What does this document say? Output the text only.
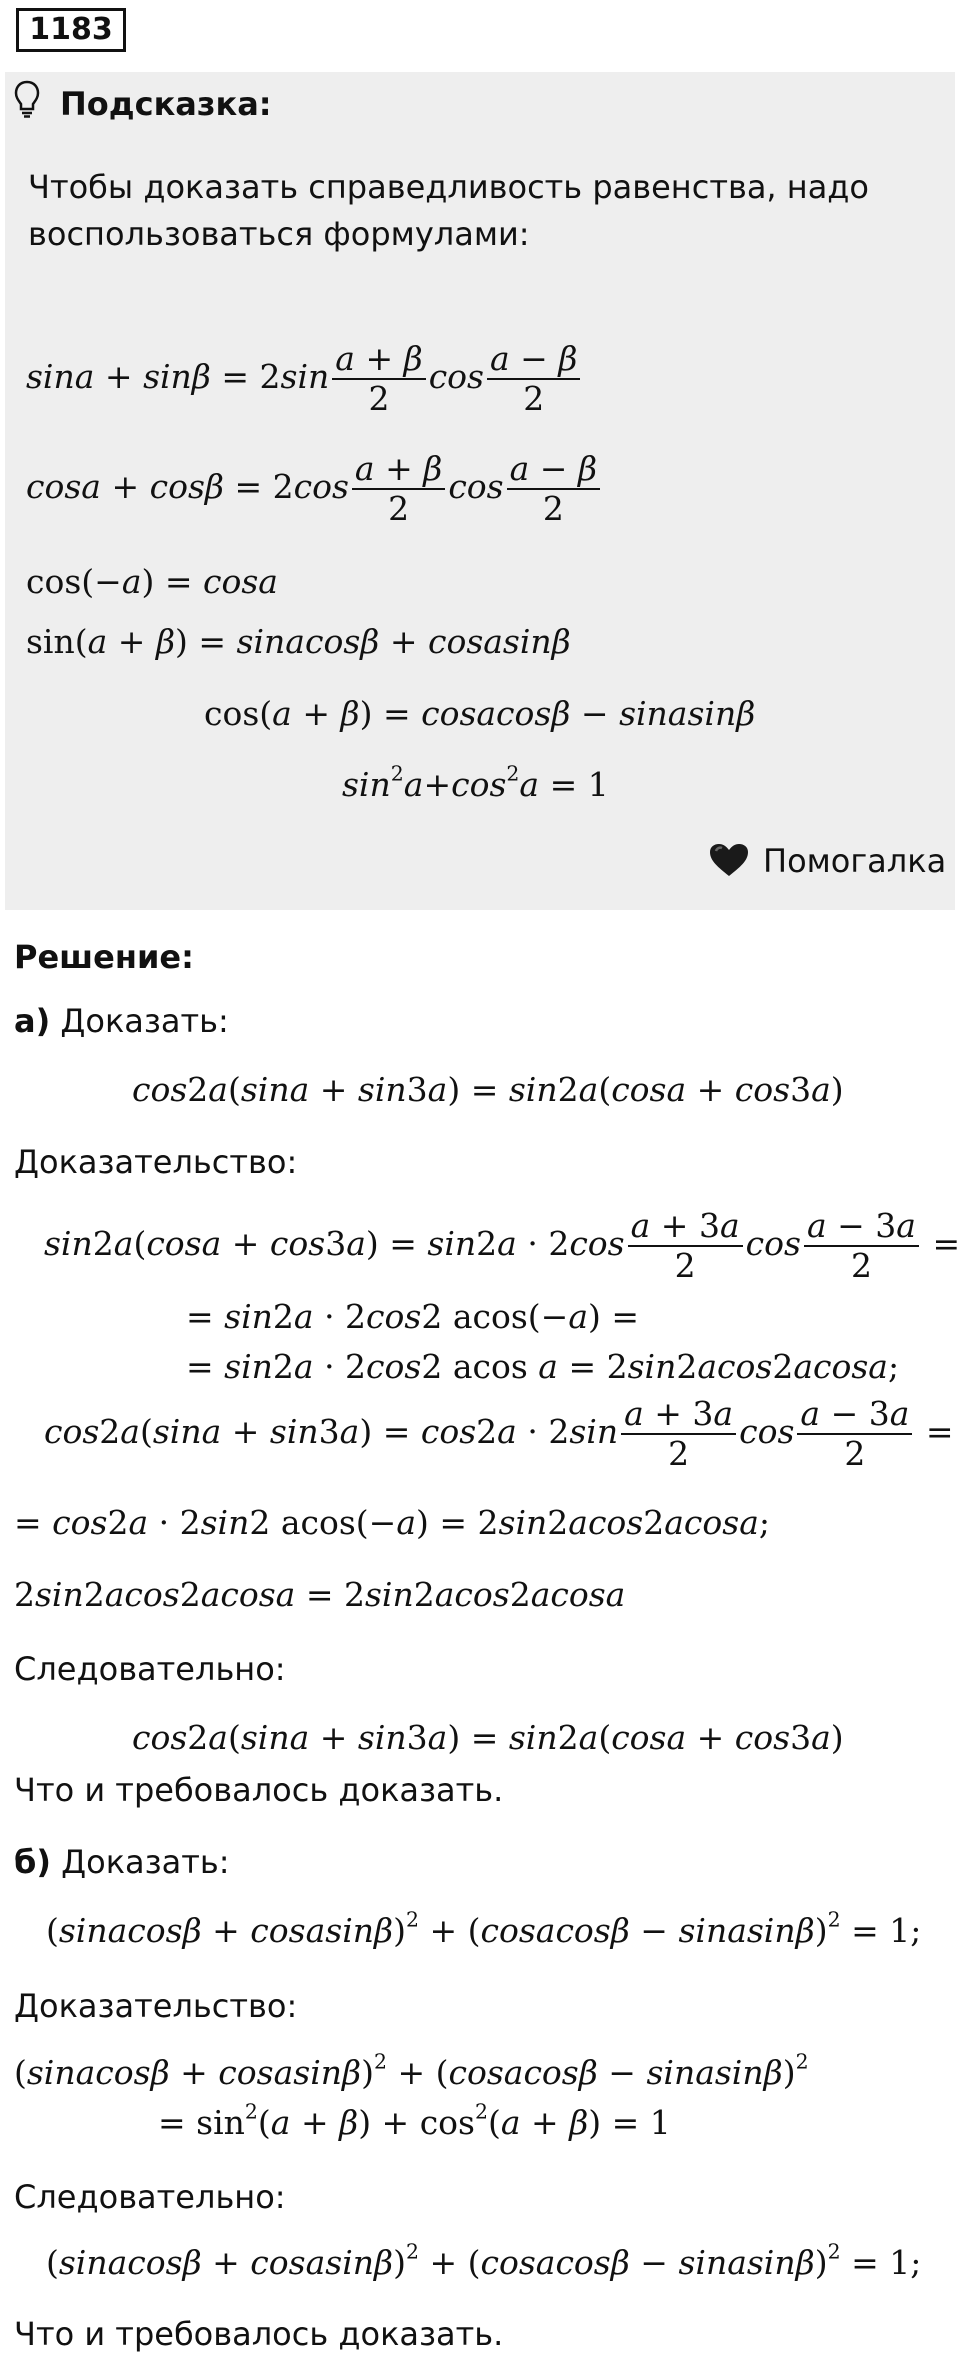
1183
Подсказка:
Чтобы доказать справедливость равенства, надо
воспользоваться формулами:
$\sin a + \sin\beta = 2\sin \frac{a + \beta}{2}$ $\cos \frac{a - \beta}{2}$
$\cos a + \cos\beta = 2\cos \frac{a + \beta}{2}$ $\cos \frac{a - \beta}{2}$
cos(−a) = cosa
sin(a + β) = sinacosβ + cosasinβ
cos(a + β) = cosacosβ − sinasinβ
$\sin^2a+\cos^2a = 1$
Помогалка
Решение:
а) Доказать:
cos2a(sina + sin3a) = sin2a(cosa + cos3a)
Доказательство:
$\sin 2a(\cos a + \cos 3a) = \sin 2a \cdot 2\cos \frac{a + 3a}{2}$ $\cos \frac{a - 3a}{2}$ =
= sin2a · 2cos2 acos(−a) =
= sin2a · 2cos2 acos a = 2sin2acos2acosa;
$\cos 2a(\sin a + \sin 3a) = \cos 2a \cdot 2\sin \frac{a + 3a}{2}$ $\cos \frac{a - 3a}{2}$ =
= cos2a · 2sin2 acos(−a) = 2sin2acos2acosa;
2sin2acos2acosa = 2sin2acos2acosa
Следовательно:
cos2a(sina + sin3a) = sin2a(cosa + cos3a)
Что и требовалось доказать.
б) Доказать:
(sinacosβ + cosasinβ)$^2$ + (cosacosβ − sinasinβ)$^2$ = 1;
Доказательство:
(sinacosβ + cosasinβ)$^2$ + (cosacosβ − sinasinβ)$^2$
= $\sin^2(a + \beta) + \cos^2(a + \beta) = 1$
Следовательно:
(sinacosβ + cosasinβ)$^2$ + (cosacosβ − sinasinβ)$^2$ = 1;
Что и требовалось доказать.
